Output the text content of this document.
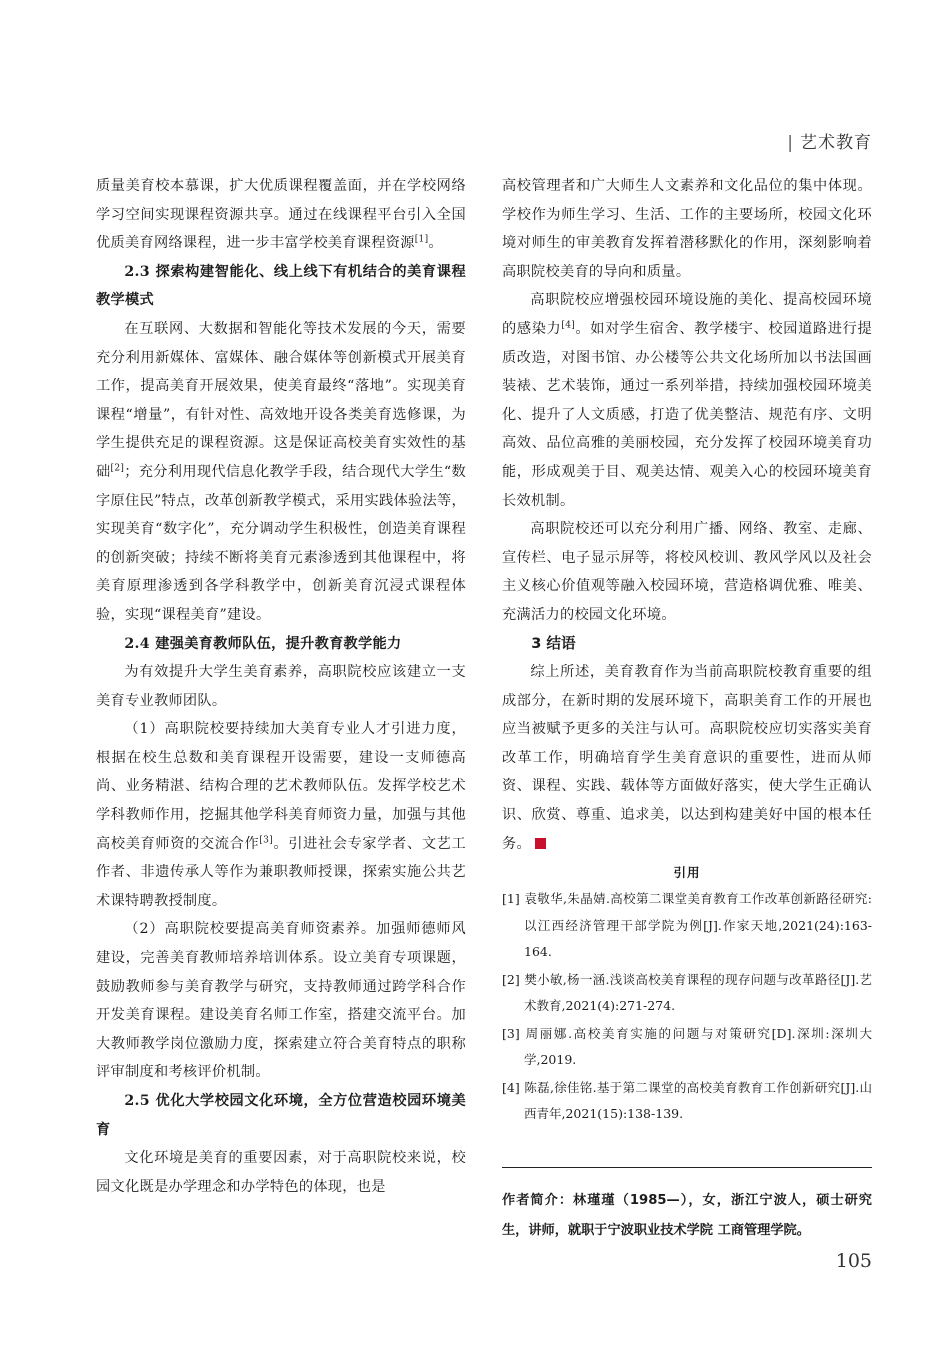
| 艺术教育

质量美育校本慕课，扩大优质课程覆盖面，并在学校网络学习空间实现课程资源共享。通过在线课程平台引入全国优质美育网络课程，进一步丰富学校美育课程资源[1]。

2.3 探索构建智能化、线上线下有机结合的美育课程教学模式

在互联网、大数据和智能化等技术发展的今天，需要充分利用新媒体、富媒体、融合媒体等创新模式开展美育工作，提高美育开展效果，使美育最终“落地”。实现美育课程“增量”，有针对性、高效地开设各类美育选修课，为学生提供充足的课程资源。这是保证高校美育实效性的基础[2]；充分利用现代信息化教学手段，结合现代大学生“数字原住民”特点，改革创新教学模式，采用实践体验法等，实现美育“数字化”，充分调动学生积极性，创造美育课程的创新突破；持续不断将美育元素渗透到其他课程中，将美育原理渗透到各学科教学中，创新美育沉浸式课程体验，实现“课程美育”建设。

2.4 建强美育教师队伍，提升教育教学能力

为有效提升大学生美育素养，高职院校应该建立一支美育专业教师团队。

（1）高职院校要持续加大美育专业人才引进力度，根据在校生总数和美育课程开设需要，建设一支师德高尚、业务精湛、结构合理的艺术教师队伍。发挥学校艺术学科教师作用，挖掘其他学科美育师资力量，加强与其他高校美育师资的交流合作[3]。引进社会专家学者、文艺工作者、非遗传承人等作为兼职教师授课，探索实施公共艺术课特聘教授制度。

（2）高职院校要提高美育师资素养。加强师德师风建设，完善美育教师培养培训体系。设立美育专项课题，鼓励教师参与美育教学与研究，支持教师通过跨学科合作开发美育课程。建设美育名师工作室，搭建交流平台。加大教师教学岗位激励力度，探索建立符合美育特点的职称评审制度和考核评价机制。

2.5 优化大学校园文化环境，全方位营造校园环境美育

文化环境是美育的重要因素，对于高职院校来说，校园文化既是办学理念和办学特色的体现，也是

高校管理者和广大师生人文素养和文化品位的集中体现。学校作为师生学习、生活、工作的主要场所，校园文化环境对师生的审美教育发挥着潜移默化的作用，深刻影响着高职院校美育的导向和质量。

高职院校应增强校园环境设施的美化、提高校园环境的感染力[4]。如对学生宿舍、教学楼宇、校园道路进行提质改造，对图书馆、办公楼等公共文化场所加以书法国画装裱、艺术装饰，通过一系列举措，持续加强校园环境美化、提升了人文质感，打造了优美整洁、规范有序、文明高效、品位高雅的美丽校园，充分发挥了校园环境美育功能，形成观美于目、观美达情、观美入心的校园环境美育长效机制。

高职院校还可以充分利用广播、网络、教室、走廊、宣传栏、电子显示屏等，将校风校训、教风学风以及社会主义核心价值观等融入校园环境，营造格调优雅、唯美、充满活力的校园文化环境。

3 结语

综上所述，美育教育作为当前高职院校教育重要的组成部分，在新时期的发展环境下，高职美育工作的开展也应当被赋予更多的关注与认可。高职院校应切实落实美育改革工作，明确培育学生美育意识的重要性，进而从师资、课程、实践、载体等方面做好落实，使大学生正确认识、欣赏、尊重、追求美，以达到构建美好中国的根本任务。

引用
[1] 袁敬华,朱晶婧.高校第二课堂美育教育工作改革创新路径研究:以江西经济管理干部学院为例[J].作家天地,2021(24):163-164.
[2] 樊小敏,杨一涵.浅谈高校美育课程的现存问题与改革路径[J].艺术教育,2021(4):271-274.
[3] 周丽娜.高校美育实施的问题与对策研究[D].深圳:深圳大学,2019.
[4] 陈磊,徐佳铭.基于第二课堂的高校美育教育工作创新研究[J].山西青年,2021(15):138-139.
作者简介：林瑾瑾（1985—），女，浙江宁波人，硕士研究生，讲师，就职于宁波职业技术学院 工商管理学院。
105
